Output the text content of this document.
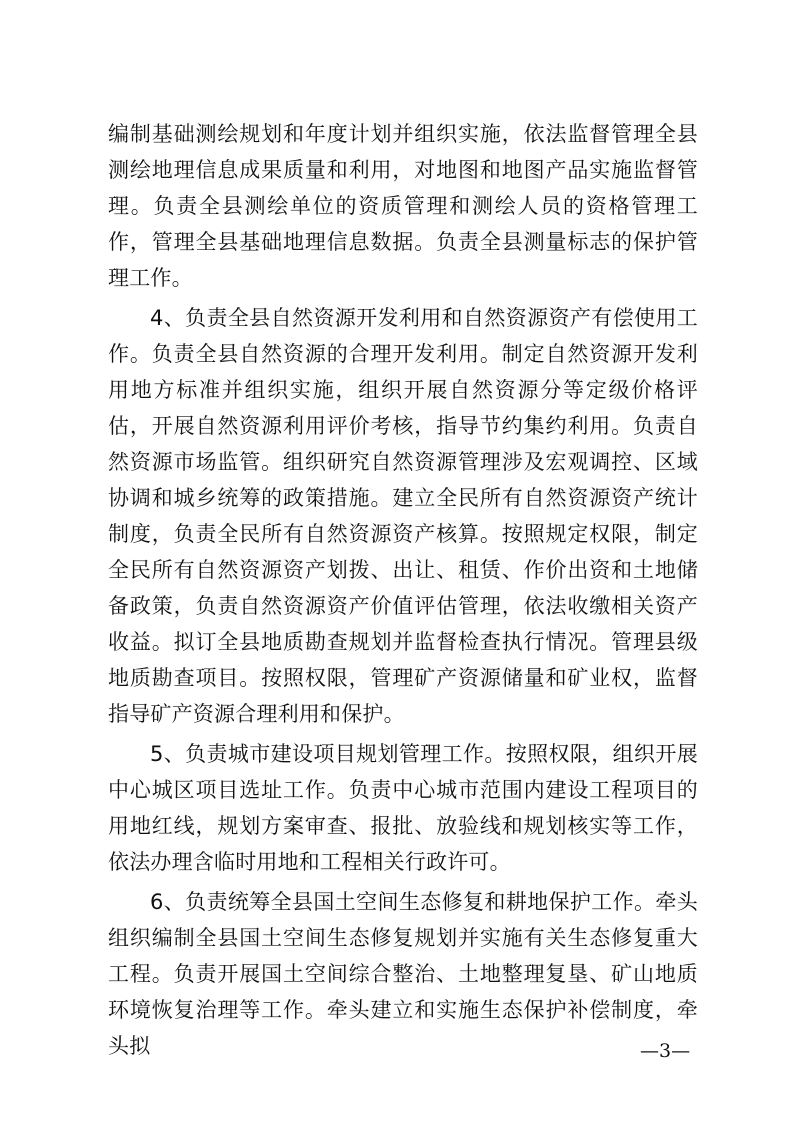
编制基础测绘规划和年度计划并组织实施，依法监督管理全县测绘地理信息成果质量和利用，对地图和地图产品实施监督管理。负责全县测绘单位的资质管理和测绘人员的资格管理工作，管理全县基础地理信息数据。负责全县测量标志的保护管理工作。

4、负责全县自然资源开发利用和自然资源资产有偿使用工作。负责全县自然资源的合理开发利用。制定自然资源开发利用地方标准并组织实施，组织开展自然资源分等定级价格评估，开展自然资源利用评价考核，指导节约集约利用。负责自然资源市场监管。组织研究自然资源管理涉及宏观调控、区域协调和城乡统筹的政策措施。建立全民所有自然资源资产统计制度，负责全民所有自然资源资产核算。按照规定权限，制定全民所有自然资源资产划拨、出让、租赁、作价出资和土地储备政策，负责自然资源资产价值评估管理，依法收缴相关资产收益。拟订全县地质勘查规划并监督检查执行情况。管理县级地质勘查项目。按照权限，管理矿产资源储量和矿业权，监督指导矿产资源合理利用和保护。

5、负责城市建设项目规划管理工作。按照权限，组织开展中心城区项目选址工作。负责中心城市范围内建设工程项目的用地红线，规划方案审查、报批、放验线和规划核实等工作，依法办理含临时用地和工程相关行政许可。

6、负责统筹全县国土空间生态修复和耕地保护工作。牵头组织编制全县国土空间生态修复规划并实施有关生态修复重大工程。负责开展国土空间综合整治、土地整理复垦、矿山地质环境恢复治理等工作。牵头建立和实施生态保护补偿制度，牵头拟	—3—
